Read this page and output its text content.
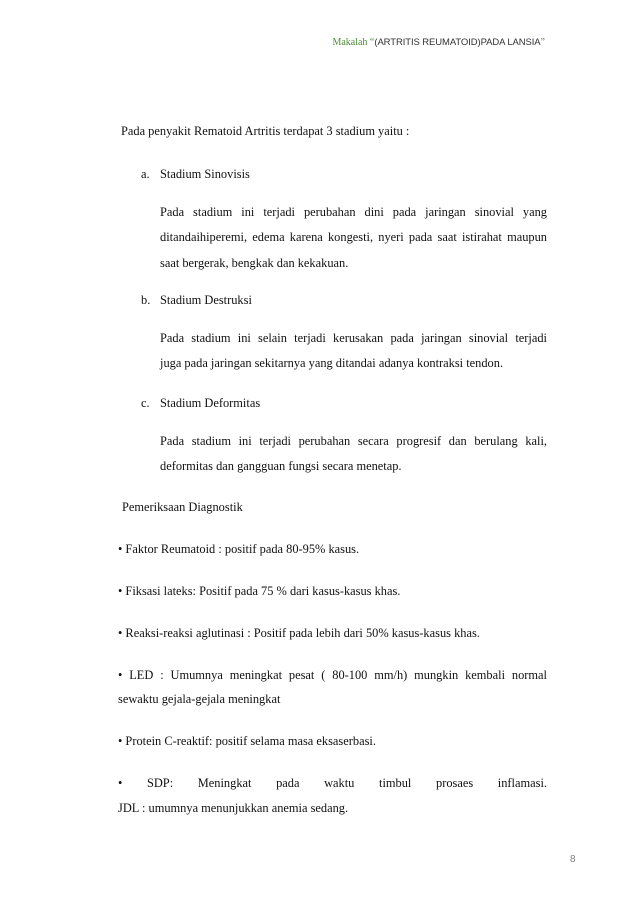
Makalah “(ARTRITIS REUMATOID)PADA LANSIA”
Pada penyakit Rematoid Artritis terdapat 3 stadium yaitu :
a. Stadium Sinovisis
Pada stadium ini terjadi perubahan dini pada jaringan sinovial yang
ditandaihiperemi, edema karena kongesti, nyeri pada saat istirahat maupun
saat bergerak, bengkak dan kekakuan.
b. Stadium Destruksi
Pada stadium ini selain terjadi kerusakan pada jaringan sinovial terjadi
juga pada jaringan sekitarnya yang ditandai adanya kontraksi tendon.
c. Stadium Deformitas
Pada stadium ini terjadi perubahan secara progresif dan berulang kali,
deformitas dan gangguan fungsi secara menetap.
Pemeriksaan Diagnostik
• Faktor Reumatoid : positif pada 80-95% kasus.
• Fiksasi lateks: Positif pada 75 % dari kasus-kasus khas.
• Reaksi-reaksi aglutinasi : Positif pada lebih dari 50% kasus-kasus khas.
• LED : Umumnya meningkat pesat ( 80-100 mm/h) mungkin kembali normal
sewaktu gejala-gejala meningkat
• Protein C-reaktif: positif selama masa eksaserbasi.
• SDP: Meningkat pada waktu timbul prosaes inflamasi.
JDL : umumnya menunjukkan anemia sedang.
8
